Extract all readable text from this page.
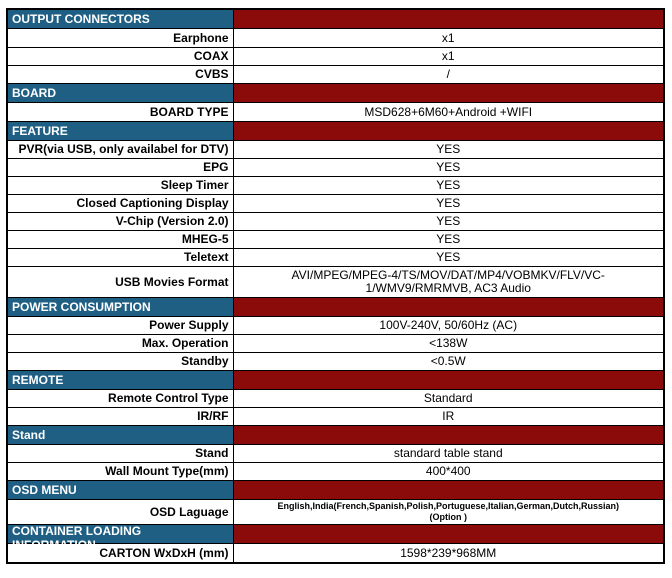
OUTPUT CONNECTORS	
Earphone	x1
COAX	x1
CVBS	/
BOARD	
BOARD TYPE	MSD628+6M60+Android +WIFI
FEATURE	
PVR(via USB, only availabel for DTV)	YES
EPG	YES
Sleep Timer	YES
Closed Captioning Display	YES
V-Chip (Version 2.0)	YES
MHEG-5	YES
Teletext	YES
USB Movies Format	AVI/MPEG/MPEG-4/TS/MOV/DAT/MP4/VOBMKV/FLV/VC-
1/WMV9/RMRMVB, AC3 Audio

POWER CONSUMPTION	
Power Supply	100V-240V, 50/60Hz (AC)
Max. Operation	<138W
Standby	<0.5W
REMOTE	
Remote Control Type	Standard
IR/RF	IR
Stand	
Stand	standard table stand
Wall Mount Type(mm)	400*400
OSD MENU	
OSD Laguage	English,India(French,Spanish,Polish,Portuguese,Italian,German,Dutch,Russian)
(Option )

CONTAINER LOADING INFORMATION	

CARTON WxDxH (mm)	1598*239*968MM
